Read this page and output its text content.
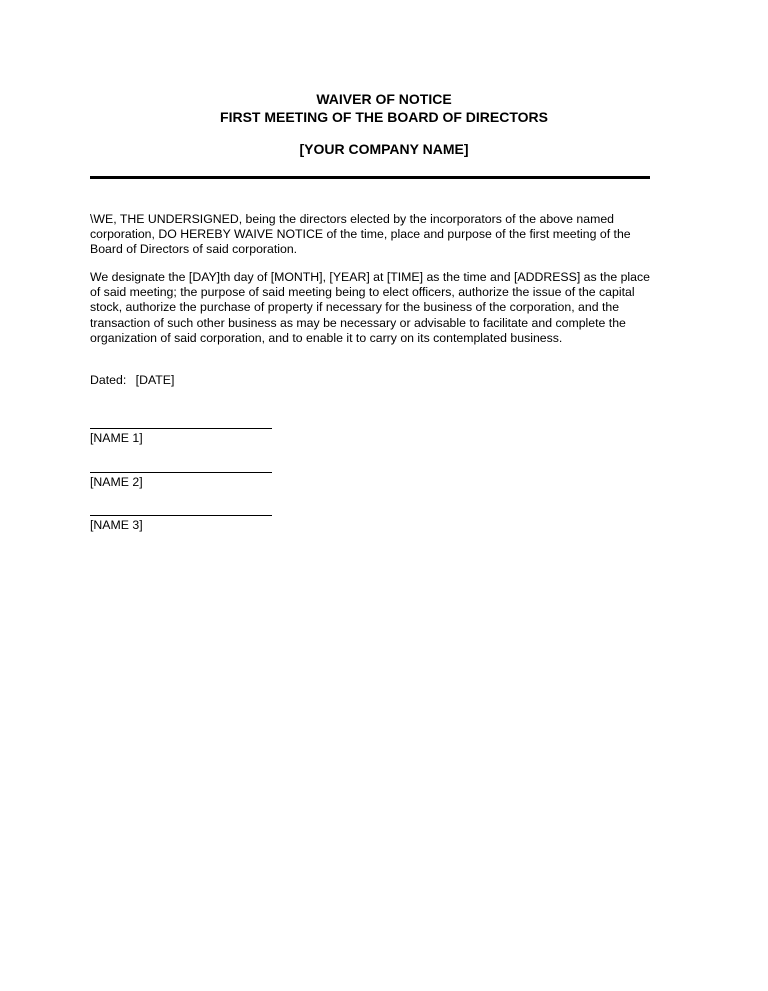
WAIVER OF NOTICE
FIRST MEETING OF THE BOARD OF DIRECTORS
[YOUR COMPANY NAME]
\WE, THE UNDERSIGNED, being the directors elected by the incorporators of the above named corporation, DO HEREBY WAIVE NOTICE of the time, place and purpose of the first meeting of the Board of Directors of said corporation.
We designate the [DAY]th day of [MONTH], [YEAR] at [TIME] as the time and [ADDRESS] as the place of said meeting; the purpose of said meeting being to elect officers, authorize the issue of the capital stock, authorize the purchase of property if necessary for the business of the corporation, and the transaction of such other business as may be necessary or advisable to facilitate and complete the organization of said corporation, and to enable it to carry on its contemplated business.
Dated: [DATE]
[NAME 1]
[NAME 2]
[NAME 3]
